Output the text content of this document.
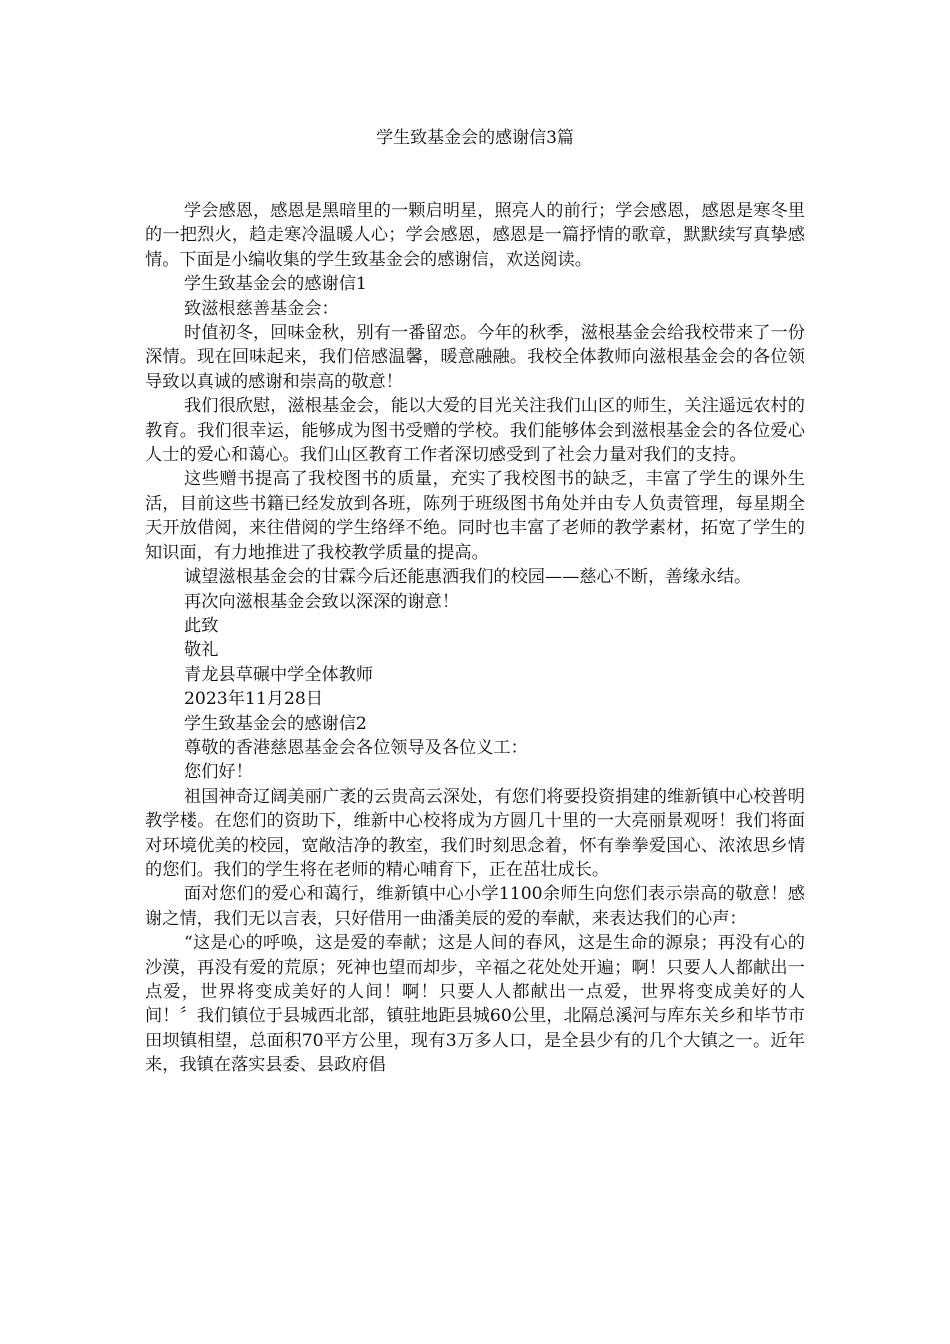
学生致基金会的感谢信3篇

学会感恩，感恩是黑暗里的一颗启明星，照亮人的前行；学会感恩，感恩是寒冬里的一把烈火，趋走寒冷温暖人心；学会感恩，感恩是一篇抒情的歌章，默默续写真挚感情。下面是小编收集的学生致基金会的感谢信，欢送阅读。

学生致基金会的感谢信1

致滋根慈善基金会：

时值初冬，回味金秋，别有一番留恋。今年的秋季，滋根基金会给我校带来了一份深情。现在回味起来，我们倍感温馨，暖意融融。我校全体教师向滋根基金会的各位领导致以真诚的感谢和崇高的敬意！

我们很欣慰，滋根基金会，能以大爱的目光关注我们山区的师生，关注遥远农村的教育。我们很幸运，能够成为图书受赠的学校。我们能够体会到滋根基金会的各位爱心人士的爱心和蔼心。我们山区教育工作者深切感受到了社会力量对我们的支持。

这些赠书提高了我校图书的质量，充实了我校图书的缺乏，丰富了学生的课外生活，目前这些书籍已经发放到各班，陈列于班级图书角处并由专人负责管理，每星期全天开放借阅，来往借阅的学生络绎不绝。同时也丰富了老师的教学素材，拓宽了学生的知识面，有力地推进了我校教学质量的提高。

诚望滋根基金会的甘霖今后还能惠洒我们的校园——慈心不断，善缘永结。

再次向滋根基金会致以深深的谢意！

此致

敬礼

青龙县草碾中学全体教师

2023年11月28日

学生致基金会的感谢信2

尊敬的香港慈恩基金会各位领导及各位义工：

您们好！

祖国神奇辽阔美丽广袤的云贵高云深处，有您们将要投资捐建的维新镇中心校普明教学楼。在您们的资助下，维新中心校将成为方圆几十里的一大亮丽景观呀！我们将面对环境优美的校园，宽敞洁净的教室，我们时刻思念着，怀有拳拳爱国心、浓浓思乡情的您们。我们的学生将在老师的精心哺育下，正在茁壮成长。

面对您们的爱心和蔼行，维新镇中心小学1100余师生向您们表示崇高的敬意！感谢之情，我们无以言表，只好借用一曲潘美辰的爱的奉献，来表达我们的心声：

“这是心的呼唤，这是爱的奉献；这是人间的春风，这是生命的源泉；再没有心的沙漠，再没有爱的荒原；死神也望而却步，辛福之花处处开遍；啊！只要人人都献出一点爱，世界将变成美好的人间！啊！只要人人都献出一点爱，世界将变成美好的人间！〞我们镇位于县城西北部，镇驻地距县城60公里，北隔总溪河与库东关乡和毕节市田坝镇相望，总面积70平方公里，现有3万多人口，是全县少有的几个大镇之一。近年来，我镇在落实县委、县政府倡
